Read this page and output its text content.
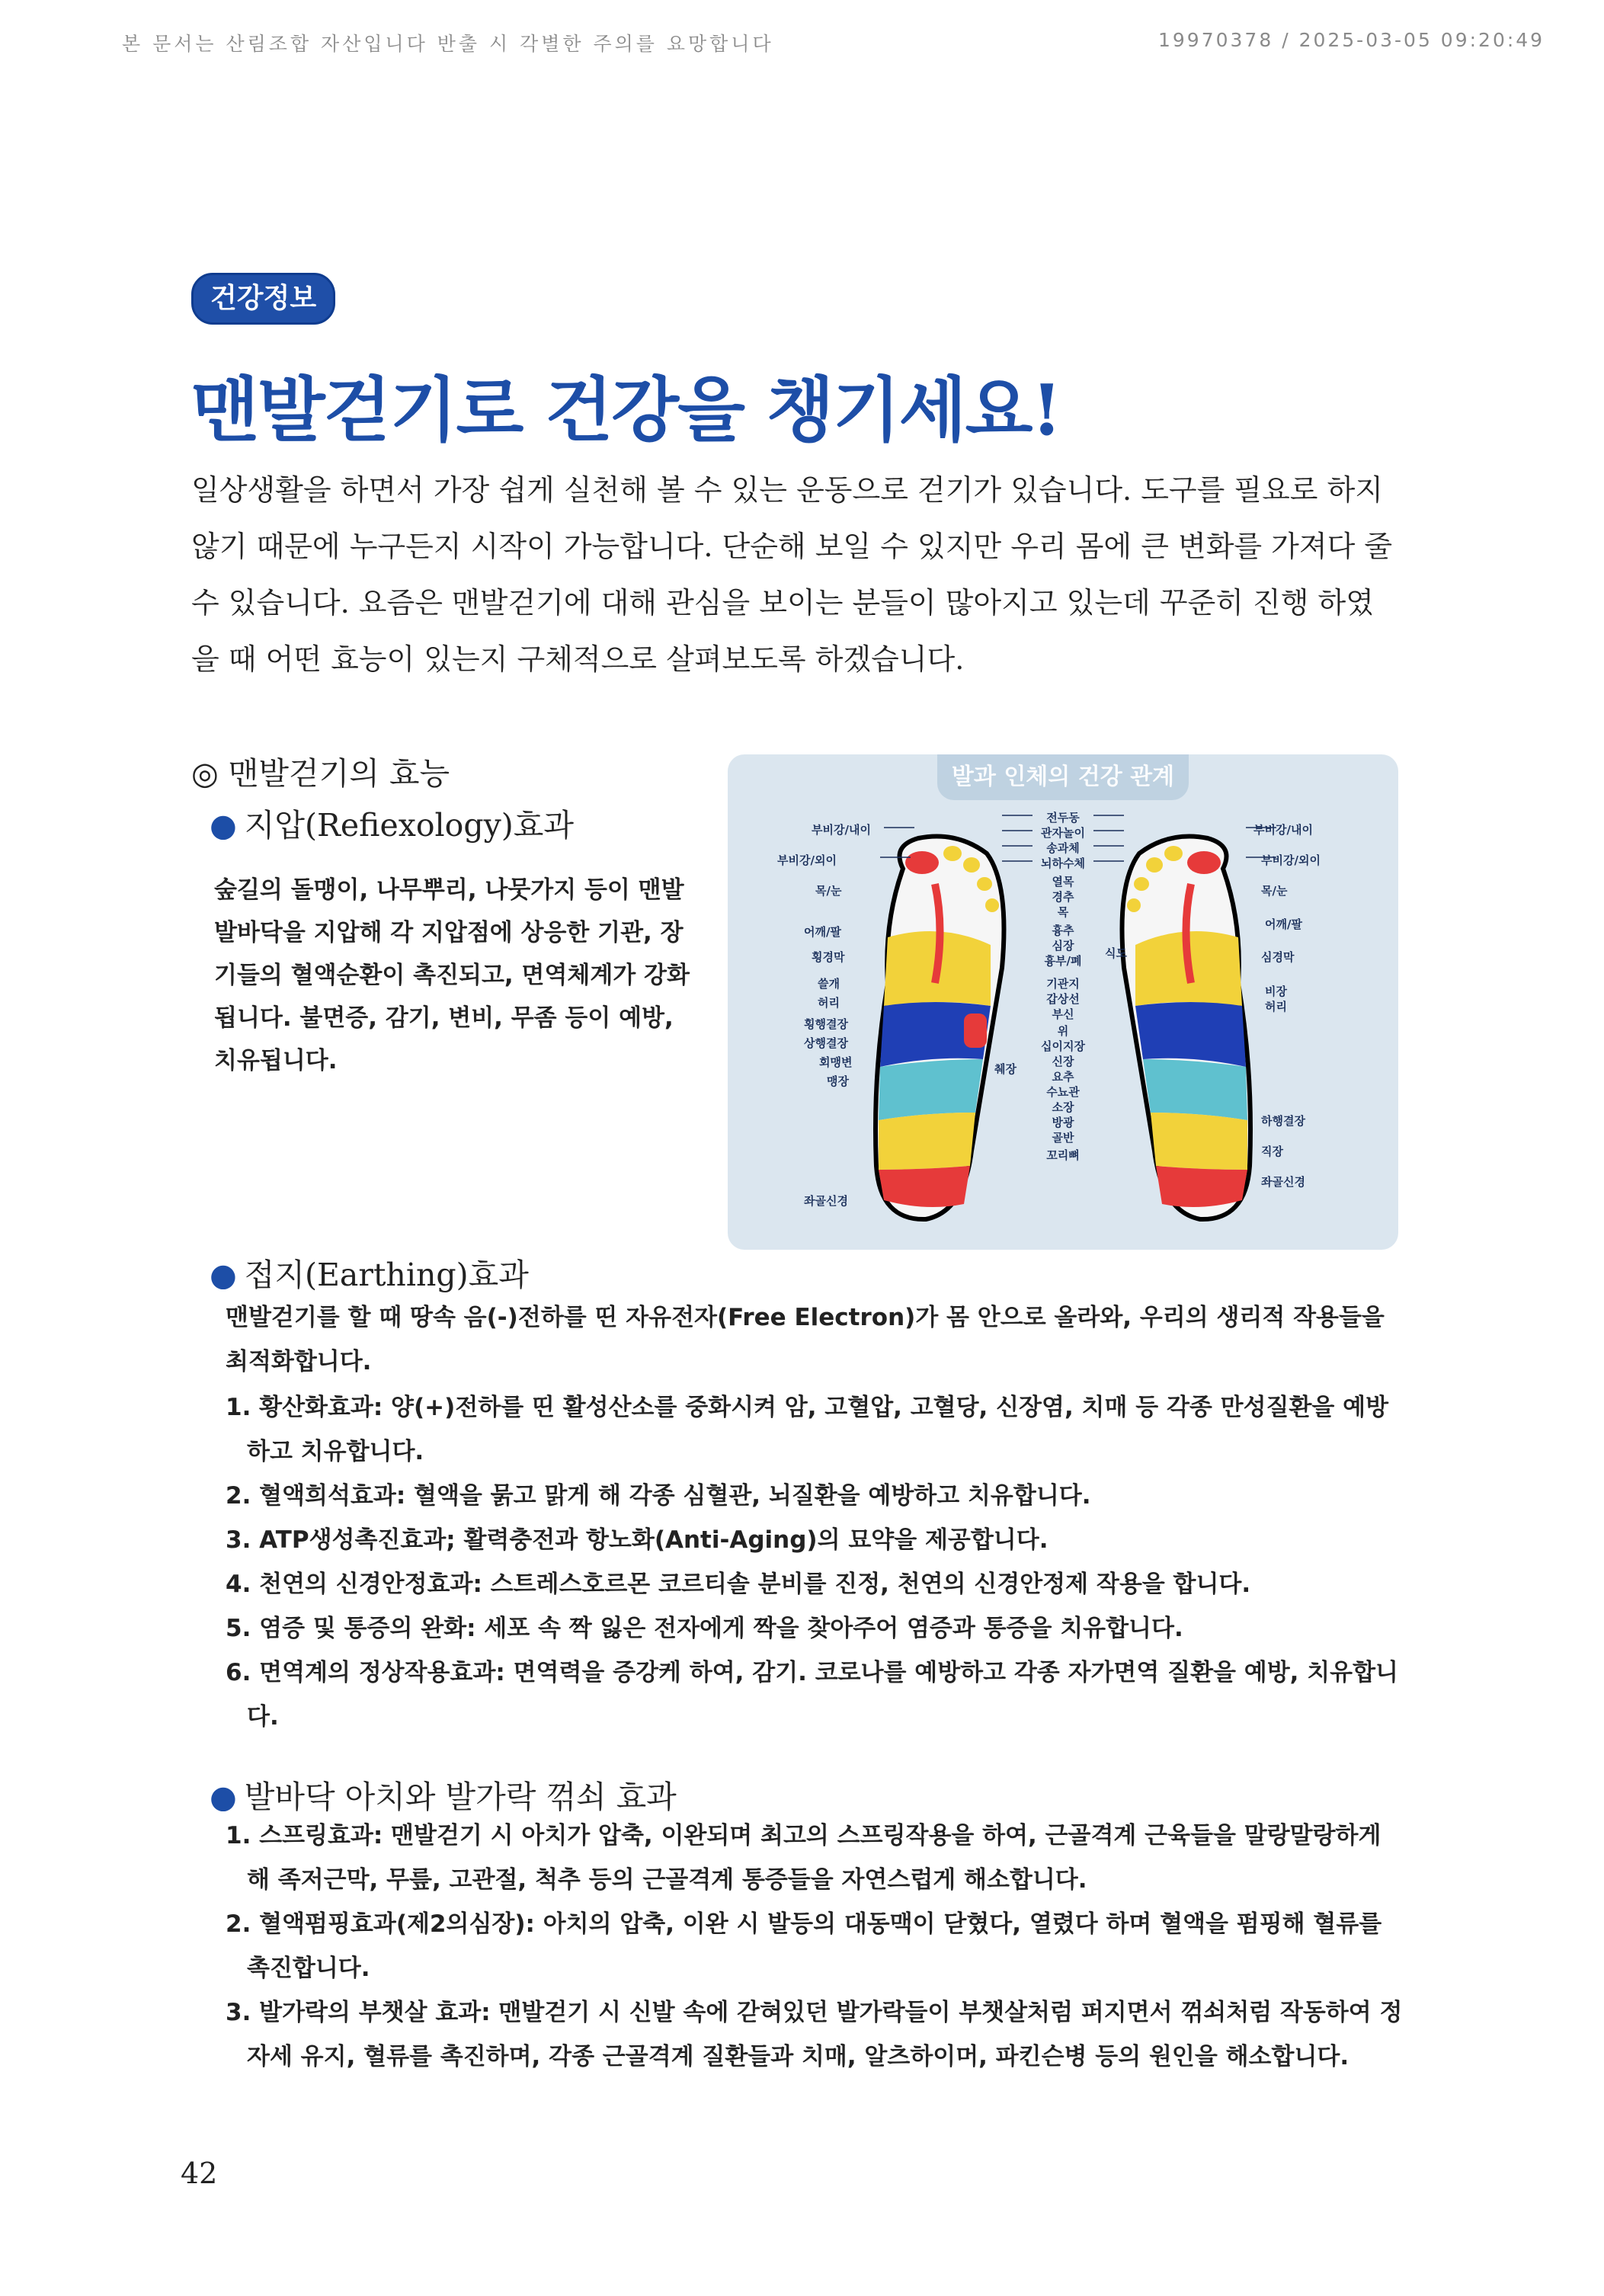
본 문서는 산림조합 자산입니다 반출 시 각별한 주의를 요망합니다	19970378 / 2025-03-05 09:20:49
건강정보
맨발걷기로 건강을 챙기세요!
일상생활을 하면서 가장 쉽게 실천해 볼 수 있는 운동으로 걷기가 있습니다. 도구를 필요로 하지 않기 때문에 누구든지 시작이 가능합니다. 단순해 보일 수 있지만 우리 몸에 큰 변화를 가져다 줄 수 있습니다. 요즘은 맨발걷기에 대해 관심을 보이는 분들이 많아지고 있는데 꾸준히 진행 하였을 때 어떤 효능이 있는지 구체적으로 살펴보도록 하겠습니다.
◎ 맨발걷기의 효능
● 지압(Refiexology)효과
숲길의 돌맹이, 나무뿌리, 나뭇가지 등이 맨발 발바닥을 지압해 각 지압점에 상응한 기관, 장기들의 혈액순환이 촉진되고, 면역체계가 강화됩니다. 불면증, 감기, 변비, 무좀 등이 예방, 치유됩니다.
발과 인체의 건강 관계
부비강/내이
부비강/외이
목/눈
어깨/팔
횡경막
쓸개
허리
횡행결장
상행결장
회맹변
맹장
좌골신경
전두동
관자놀이
송과체
뇌하수체
열목
경추
목
흉추
심장
흉부/폐
기관지
갑상선
부신
위
십이지장
신장
요추
수뇨관
소장
방광
골반
꼬리뼈
식도
췌장
부비강/내이
부비강/외이
목/눈
어깨/팔
심경막
비장
허리
하행결장
직장
좌골신경
● 접지(Earthing)효과
맨발걷기를 할 때 땅속 음(-)전하를 띤 자유전자(Free Electron)가 몸 안으로 올라와, 우리의 생리적 작용들을 최적화합니다.
1. 황산화효과: 양(+)전하를 띤 활성산소를 중화시켜 암, 고혈압, 고혈당, 신장염, 치매 등 각종 만성질환을 예방하고 치유합니다.
2. 혈액희석효과: 혈액을 묽고 맑게 해 각종 심혈관, 뇌질환을 예방하고 치유합니다.
3. ATP생성촉진효과; 활력충전과 항노화(Anti-Aging)의 묘약을 제공합니다.
4. 천연의 신경안정효과: 스트레스호르몬 코르티솔 분비를 진정, 천연의 신경안정제 작용을 합니다.
5. 염증 및 통증의 완화: 세포 속 짝 잃은 전자에게 짝을 찾아주어 염증과 통증을 치유합니다.
6. 면역계의 정상작용효과: 면역력을 증강케 하여, 감기. 코로나를 예방하고 각종 자가면역 질환을 예방, 치유합니다.
● 발바닥 아치와 발가락 꺾쇠 효과
1. 스프링효과: 맨발걷기 시 아치가 압축, 이완되며 최고의 스프링작용을 하여, 근골격계 근육들을 말랑말랑하게 해 족저근막, 무릎, 고관절, 척추 등의 근골격계 통증들을 자연스럽게 해소합니다.
2. 혈액펌핑효과(제2의심장): 아치의 압축, 이완 시 발등의 대동맥이 닫혔다, 열렸다 하며 혈액을 펌핑해 혈류를 촉진합니다.
3. 발가락의 부챗살 효과: 맨발걷기 시 신발 속에 갇혀있던 발가락들이 부챗살처럼 퍼지면서 꺾쇠처럼 작동하여 정자세 유지, 혈류를 촉진하며, 각종 근골격계 질환들과 치매, 알츠하이머, 파킨슨병 등의 원인을 해소합니다.
42
